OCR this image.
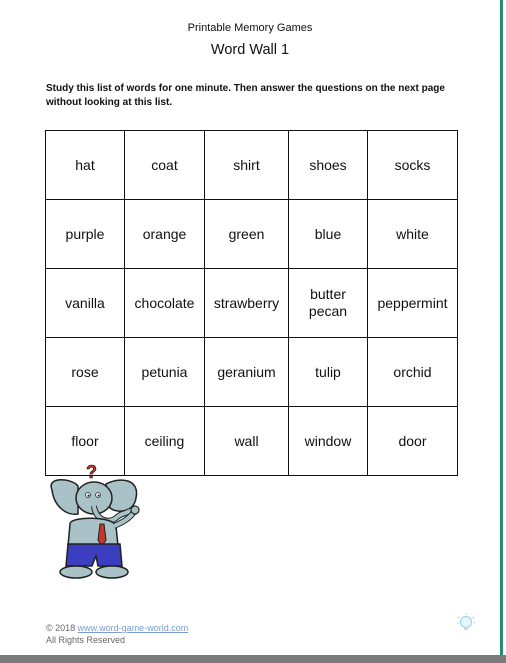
Printable Memory Games
Word Wall 1
Study this list of words for one minute. Then answer the questions on the next page without looking at this list.
hat	coat	shirt	shoes	socks
purple	orange	green	blue	white
vanilla	chocolate	strawberry	butter pecan	peppermint
rose	petunia	geranium	tulip	orchid
floor	ceiling	wall	window	door
?
© 2018 www.word-game-world.com
All Rights Reserved
